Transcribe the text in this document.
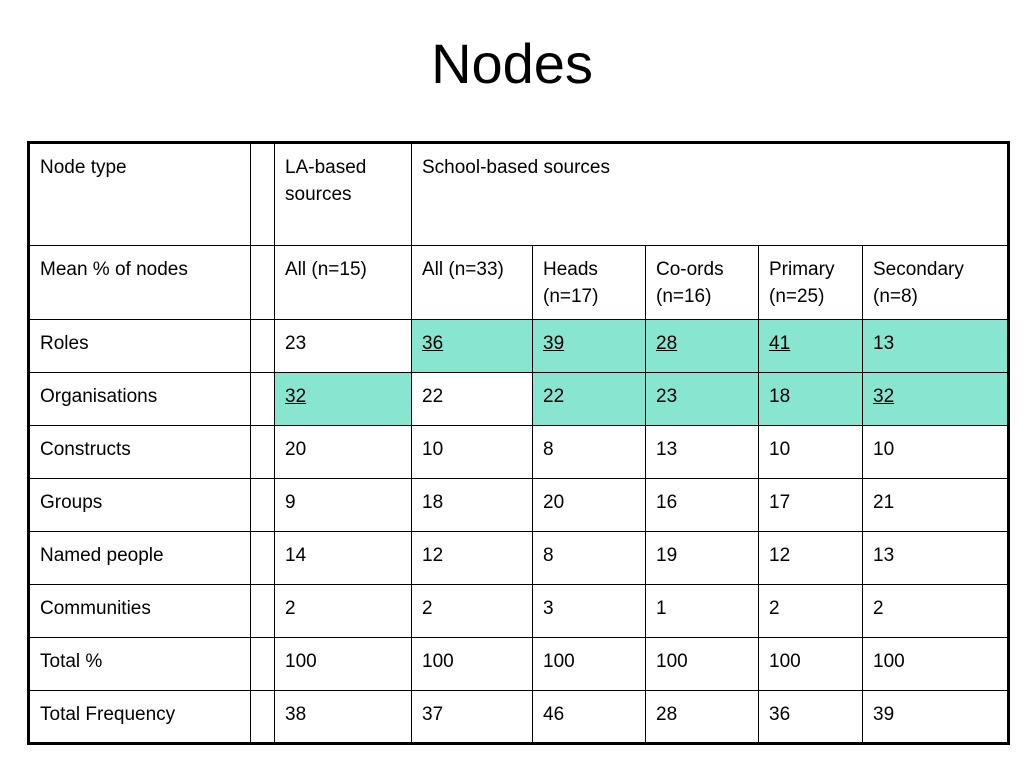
Nodes
Node type		LA-based sources	School-based sources				
Mean % of nodes		All (n=15)	All (n=33)	Heads (n=17)	Co-ords (n=16)	Primary (n=25)	Secondary (n=8)
Roles		23	36	39	28	41	13
Organisations		32	22	22	23	18	32
Constructs		20	10	8	13	10	10
Groups		9	18	20	16	17	21
Named people		14	12	8	19	12	13
Communities		2	2	3	1	2	2
Total %		100	100	100	100	100	100
Total Frequency		38	37	46	28	36	39
